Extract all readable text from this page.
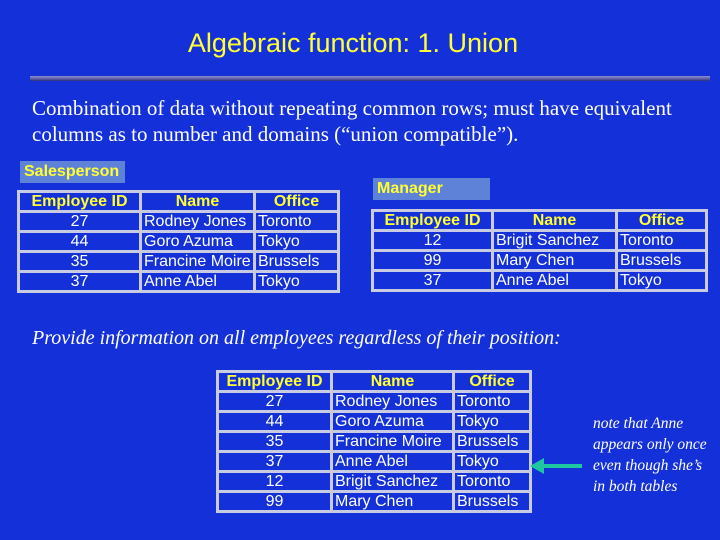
Algebraic function: 1. Union
Combination of data without repeating common rows; must have equivalent columns as to number and domains (“union compatible”).
Salesperson
Employee ID	Name	Office
27	Rodney Jones	Toronto
44	Goro Azuma	Tokyo
35	Francine Moire	Brussels
37	Anne Abel	Tokyo
Manager
Employee ID	Name	Office
12	Brigit Sanchez	Toronto
99	Mary Chen	Brussels
37	Anne Abel	Tokyo
Provide information on all employees regardless of their position:
Employee ID	Name	Office
27	Rodney Jones	Toronto
44	Goro Azuma	Tokyo
35	Francine Moire	Brussels
37	Anne Abel	Tokyo
12	Brigit Sanchez	Toronto
99	Mary Chen	Brussels
note that Anne appears only once even though she’s in both tables
